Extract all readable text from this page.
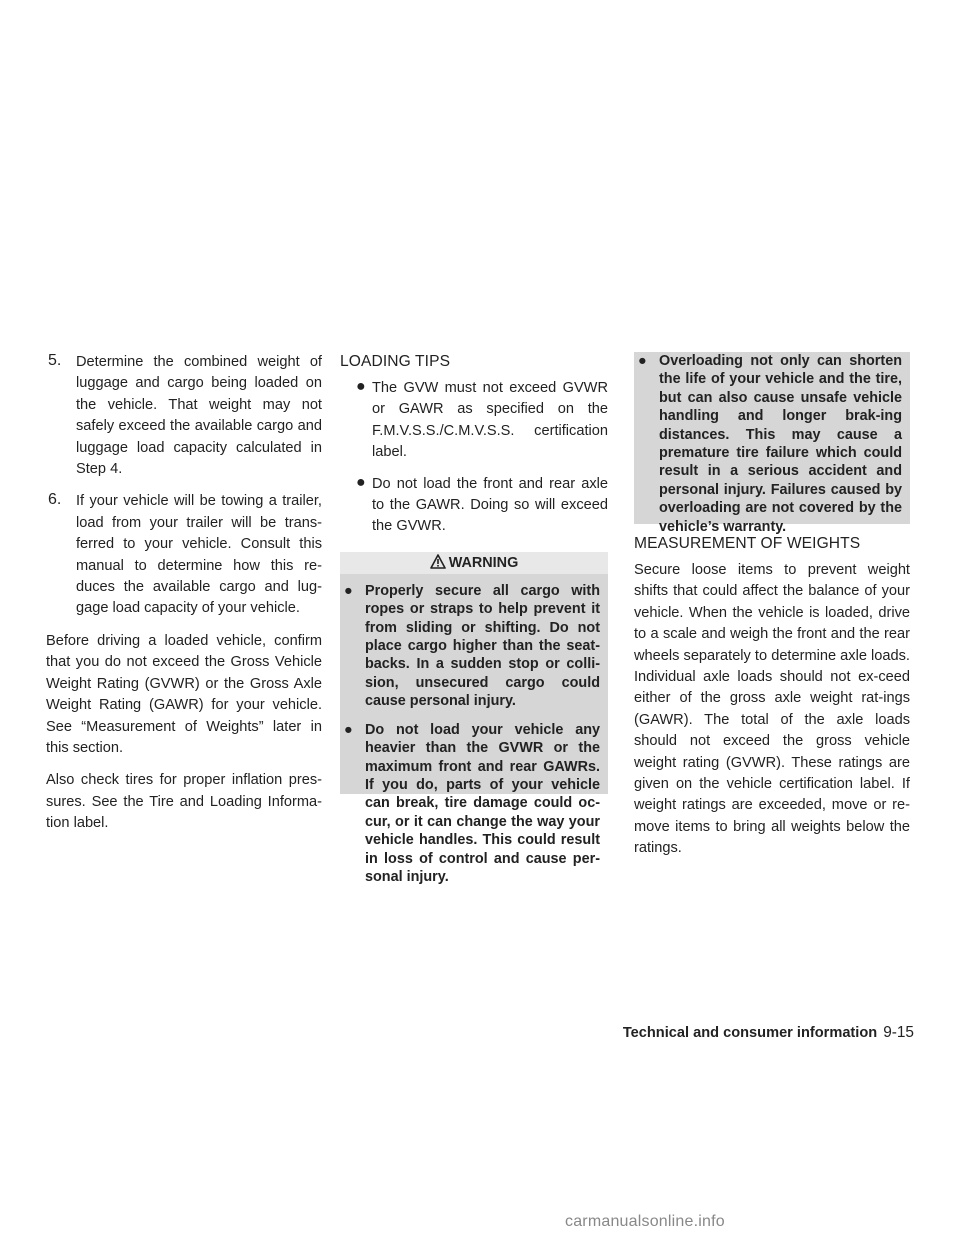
5. Determine the combined weight of luggage and cargo being loaded on the vehicle. That weight may not safely exceed the available cargo and luggage load capacity calculated in Step 4.

6. If your vehicle will be towing a trailer, load from your trailer will be trans-ferred to your vehicle. Consult this manual to determine how this re-duces the available cargo and lug-gage load capacity of your vehicle.

Before driving a loaded vehicle, confirm that you do not exceed the Gross Vehicle Weight Rating (GVWR) or the Gross Axle Weight Rating (GAWR) for your vehicle. See “Measurement of Weights” later in this section.

Also check tires for proper inflation pres-sures. See the Tire and Loading Informa-tion label.

LOADING TIPS
● The GVW must not exceed GVWR or GAWR as specified on the F.M.V.S.S./C.M.V.S.S. certification label.

● Do not load the front and rear axle to the GAWR. Doing so will exceed the GVWR.

WARNING
● Properly secure all cargo with ropes or straps to help prevent it from sliding or shifting. Do not place cargo higher than the seat-backs. In a sudden stop or colli-sion, unsecured cargo could cause personal injury.
● Do not load your vehicle any heavier than the GVWR or the maximum front and rear GAWRs. If you do, parts of your vehicle can break, tire damage could oc-cur, or it can change the way your vehicle handles. This could result in loss of control and cause per-sonal injury.
● Overloading not only can shorten the life of your vehicle and the tire, but can also cause unsafe vehicle handling and longer brak-ing distances. This may cause a premature tire failure which could result in a serious accident and personal injury. Failures caused by overloading are not covered by the vehicle’s warranty.
MEASUREMENT OF WEIGHTS

Secure loose items to prevent weight shifts that could affect the balance of your vehicle. When the vehicle is loaded, drive to a scale and weigh the front and the rear wheels separately to determine axle loads. Individual axle loads should not ex-ceed either of the gross axle weight rat-ings (GAWR). The total of the axle loads should not exceed the gross vehicle weight rating (GVWR). These ratings are given on the vehicle certification label. If weight ratings are exceeded, move or re-move items to bring all weights below the ratings.

Technical and consumer information 9-15
carmanualsonline.info
